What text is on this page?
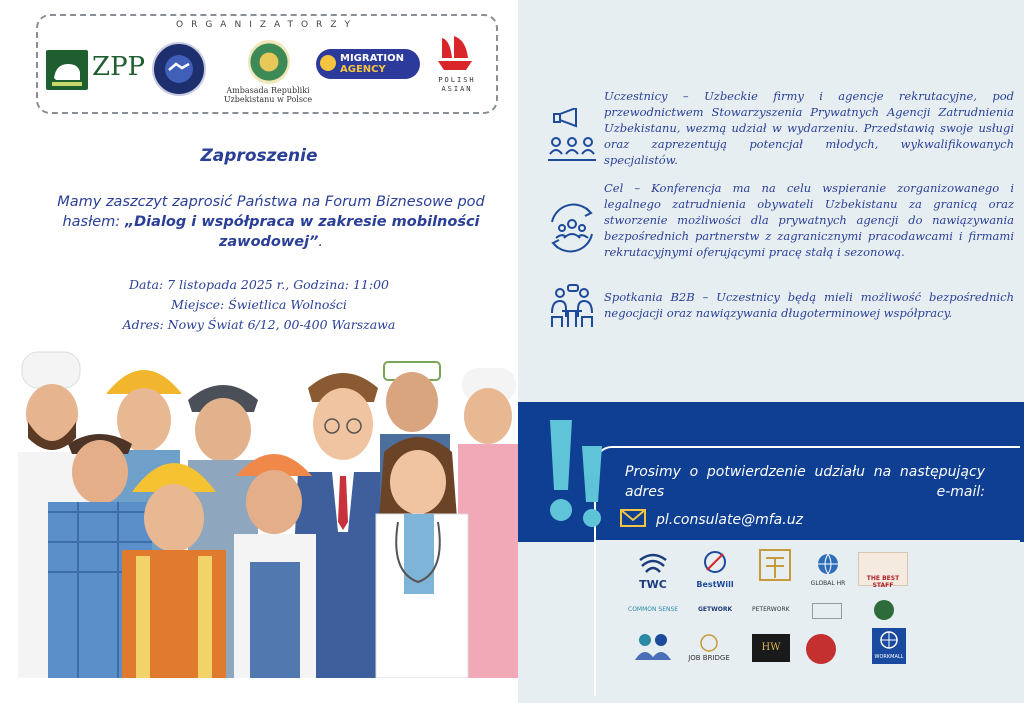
ORGANIZATORZY
ZPP
Ambasada Republiki Uzbekistanu w Polsce
MIGRATION
AGENCY
POLISH
ASIAN
Zaproszenie
Mamy zaszczyt zaprosić Państwa na Forum Biznesowe pod hasłem: „Dialog i współpraca w zakresie mobilności zawodowej”.
Data: 7 listopada 2025 r., Godzina: 11:00
Miejsce: Świetlica Wolności
Adres: Nowy Świat 6/12, 00-400 Warszawa
Uczestnicy – Uzbeckie firmy i agencje rekrutacyjne, pod przewodnictwem Stowarzyszenia Prywatnych Agencji Zatrudnienia Uzbekistanu, wezmą udział w wydarzeniu. Przedstawią swoje usługi oraz zaprezentują potencjał młodych, wykwalifikowanych specjalistów.
Cel – Konferencja ma na celu wspieranie zorganizowanego i legalnego zatrudnienia obywateli Uzbekistanu za granicą oraz stworzenie możliwości dla prywatnych agencji do nawiązywania bezpośrednich partnerstw z zagranicznymi pracodawcami i firmami rekrutacyjnymi oferującymi pracę stałą i sezonową.
Spotkania B2B – Uczestnicy będą mieli możliwość bezpośrednich negocjacji oraz nawiązywania długoterminowej współpracy.
Prosimy o potwierdzenie udziału na następujący adres e-mail:
pl.consulate@mfa.uz
TWC	BestWill	GLOBAL HR
THE BEST STAFF
COMMON SENSE	GETWORK	PETERWORK
JOB BRIDGE
HW
WORKMALL
